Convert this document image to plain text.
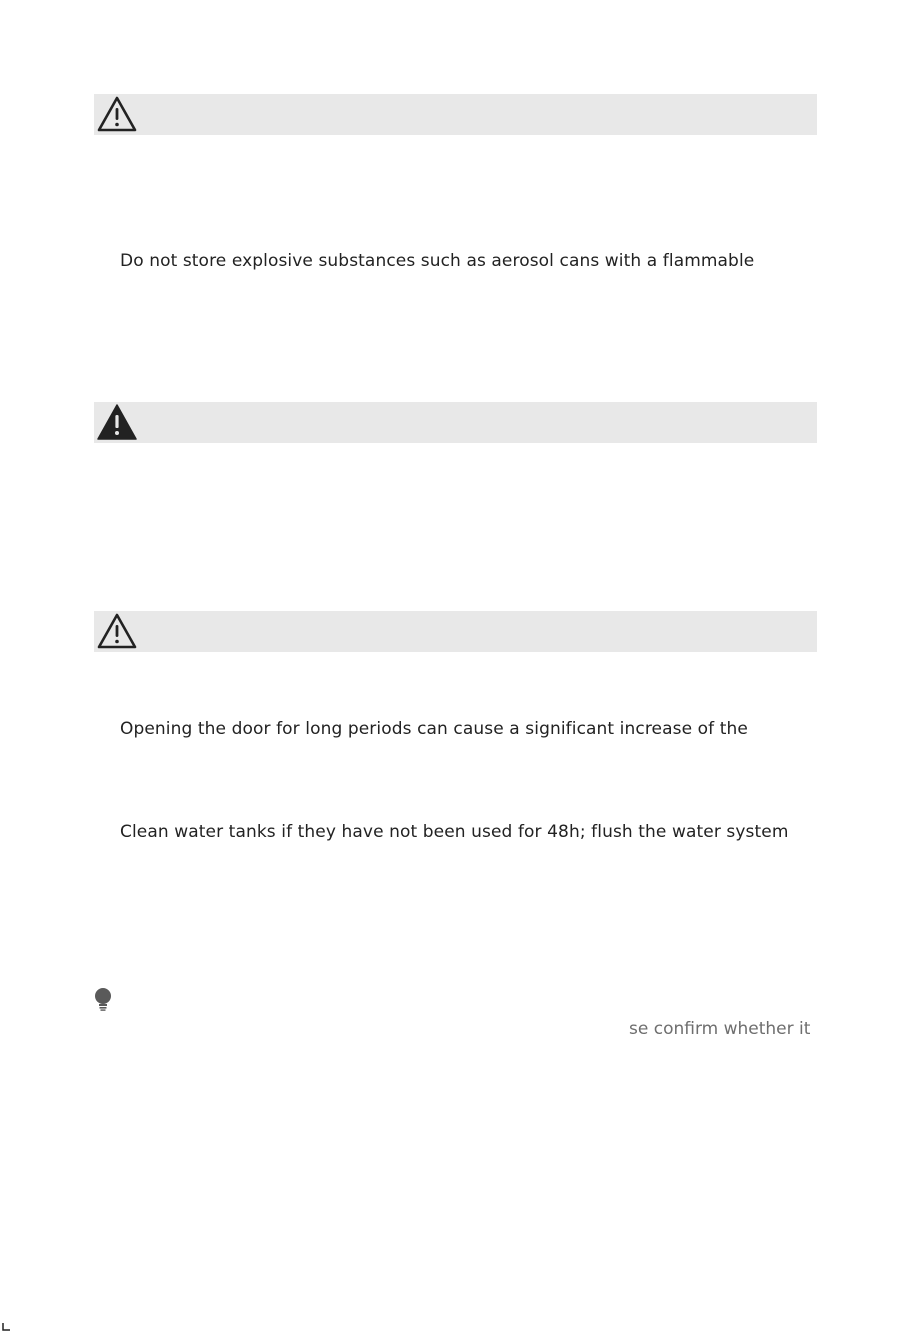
Do not store explosive substances such as aerosol cans with a flammable
Opening the door for long periods can cause a significant increase of the
Clean water tanks if they have not been used for 48h; flush the water system
se confirm whether it
